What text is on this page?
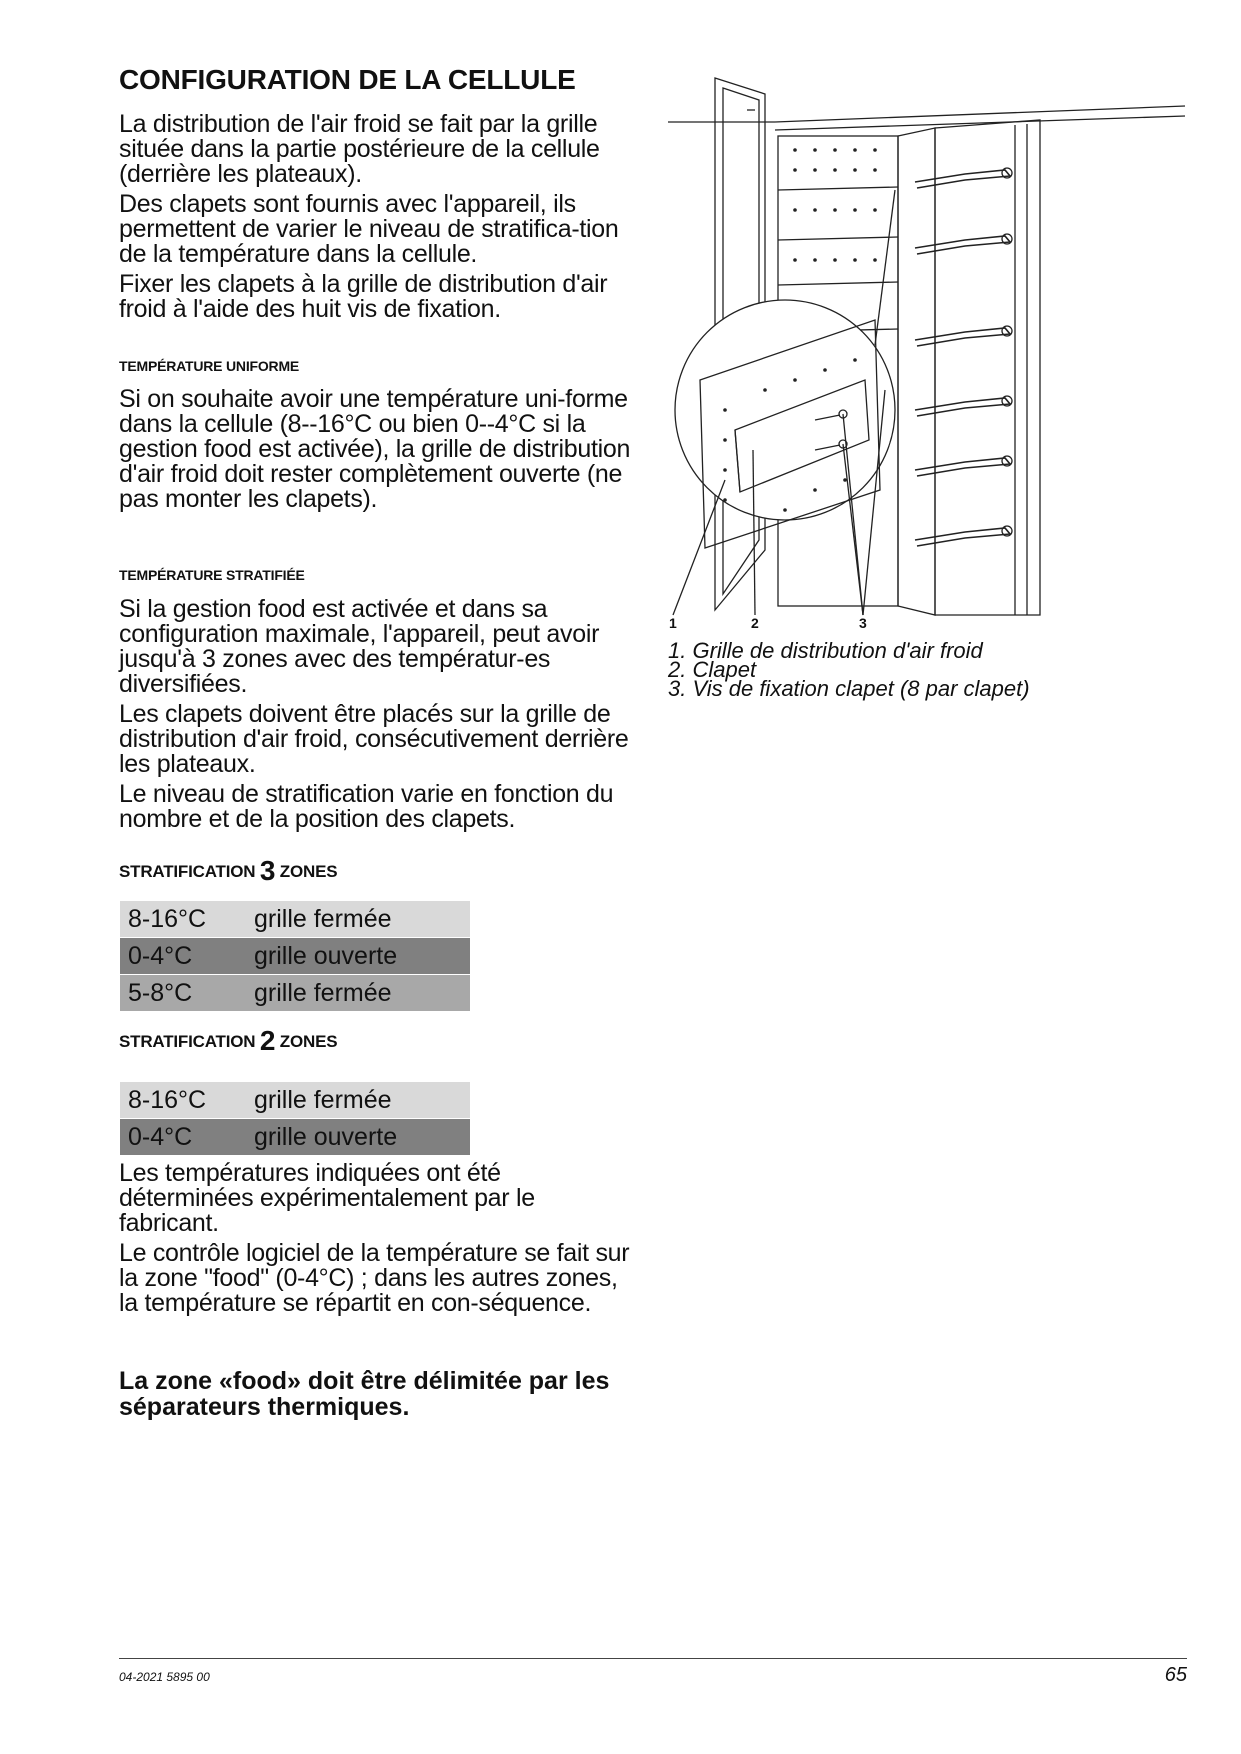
CONFIGURATION DE LA CELLULE

La distribution de l'air froid se fait par la grille située dans la partie postérieure de la cellule (derrière les plateaux).

Des clapets sont fournis avec l'appareil, ils permettent de varier le niveau de stratifica-tion de la température dans la cellule.

Fixer les clapets à la grille de distribution d'air froid à l'aide des huit vis de fixation.

TEMPÉRATURE UNIFORME

Si on souhaite avoir une température uni-forme dans la cellule (8--16°C ou bien 0--4°C si la gestion food est activée), la grille de distribution d'air froid doit rester complètement ouverte (ne pas monter les clapets).

TEMPÉRATURE STRATIFIÉE

Si la gestion food est activée et dans sa configuration maximale, l'appareil, peut avoir jusqu'à 3 zones avec des températur-es diversifiées.

Les clapets doivent être placés sur la grille de distribution d'air froid, consécutivement derrière les plateaux.

Le niveau de stratification varie en fonction du nombre et de la position des clapets.

STRATIFICATION 3 ZONES
8-16°C	grille fermée
0-4°C	grille ouverte
5-8°C	grille fermée
STRATIFICATION 2 ZONES
8-16°C	grille fermée
0-4°C	grille ouverte

Les températures indiquées ont été déterminées expérimentalement par le fabricant.

Le contrôle logiciel de la température se fait sur la zone "food" (0-4°C) ; dans les autres zones, la température se répartit en con-séquence.

La zone «food» doit être délimitée par les séparateurs thermiques.

1	2	3
1. Grille de distribution d'air froid
2. Clapet
3. Vis de fixation clapet (8 par clapet)
04-2021 5895 00	65
